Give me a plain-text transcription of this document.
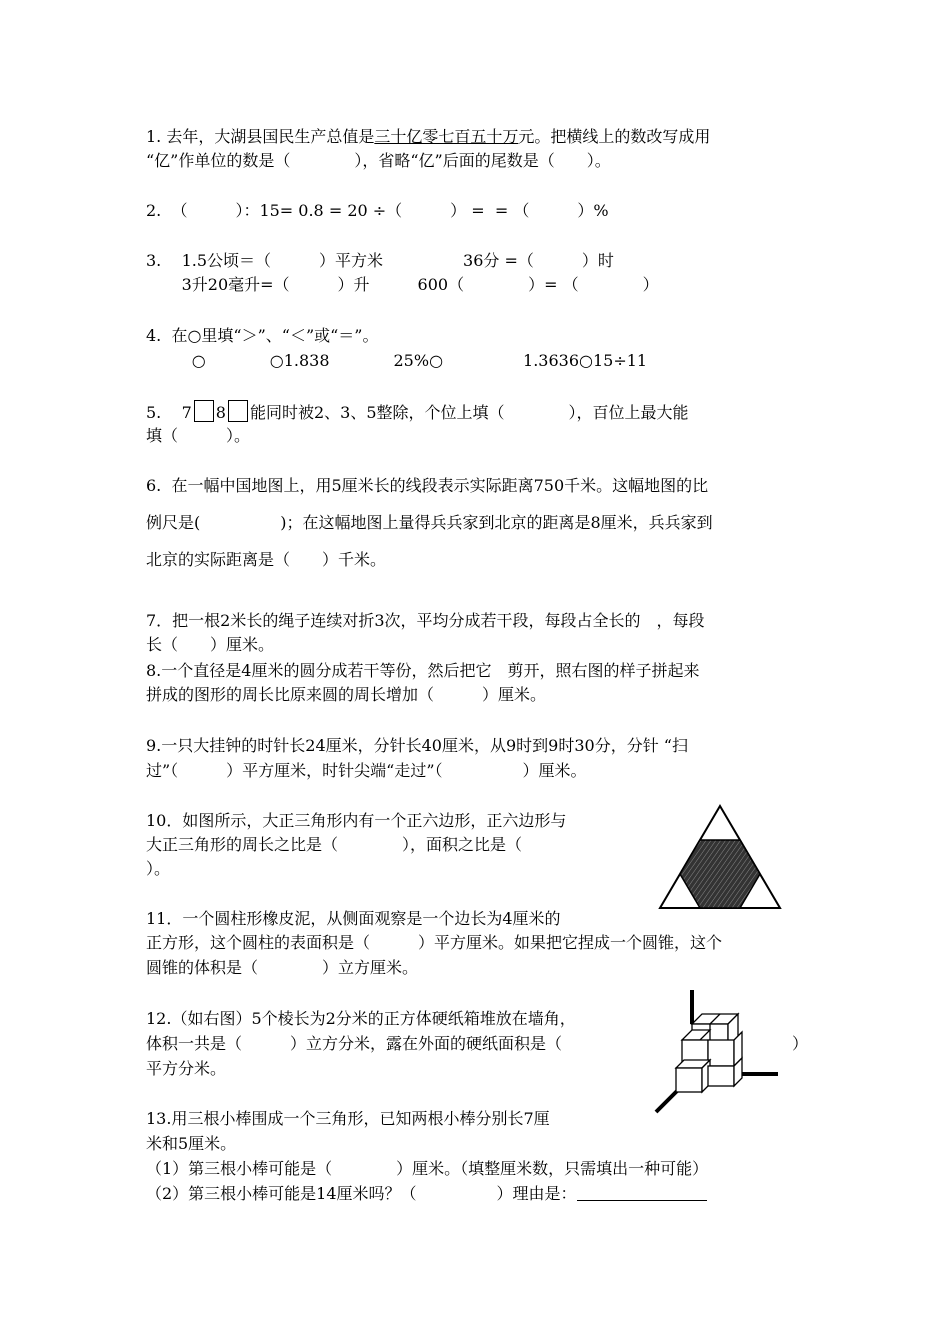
1. 去年，大湖县国民生产总值是三十亿零七百五十万元。把横线上的数改写成用
“亿”作单位的数是（　　　　），省略“亿”后面的尾数是（　　）。
2.  （　　　）：15= 0.8 = 20 ÷（　　　） =  = （　　　）%
3.    1.5公顷＝（　　　）平方米　　　　　36分 =（　　　）时
3升20毫升=（　　　）升　　　600（　　　　）= （　　　　）
4.  在○里填“＞”、“＜”或“＝”。
○　　　　○1.838　　　　25%○　　　　　1.3636○15÷11
5.    7 8 能同时被2、3、5整除，个位上填（　　　　），百位上最大能
填（　　　）。
6.  在一幅中国地图上，用5厘米长的线段表示实际距离750千米。这幅地图的比
例尺是(　　　　　)；在这幅地图上量得兵兵家到北京的距离是8厘米，兵兵家到
北京的实际距离是（　　）千米。
7．把一根2米长的绳子连续对折3次，平均分成若干段，每段占全长的　，每段
长（　　）厘米。
8.一个直径是4厘米的圆分成若干等份，然后把它　剪开，照右图的样子拼起来
拼成的图形的周长比原来圆的周长增加（　　　）厘米。
9.一只大挂钟的时针长24厘米，分针长40厘米，从9时到9时30分，分针 “扫
过”（　　　）平方厘米，时针尖端“走过”（　　　　　）厘米。
10．如图所示，大正三角形内有一个正六边形，正六边形与
大正三角形的周长之比是（　　　　），面积之比是（
）。
11．一个圆柱形橡皮泥，从侧面观察是一个边长为4厘米的
正方形，这个圆柱的表面积是（　　　）平方厘米。如果把它捏成一个圆锥，这个
圆锥的体积是（　　　　）立方厘米。
12.（如右图）5个棱长为2分米的正方体硬纸箱堆放在墙角，
体积一共是（　　　）立方分米，露在外面的硬纸面积是（	）
平方分米。
13.用三根小棒围成一个三角形，已知两根小棒分别长7厘
米和5厘米。
（1）第三根小棒可能是（　　　　）厘米。（填整厘米数，只需填出一种可能）
（2）第三根小棒可能是14厘米吗？（　　　　　）理由是：
